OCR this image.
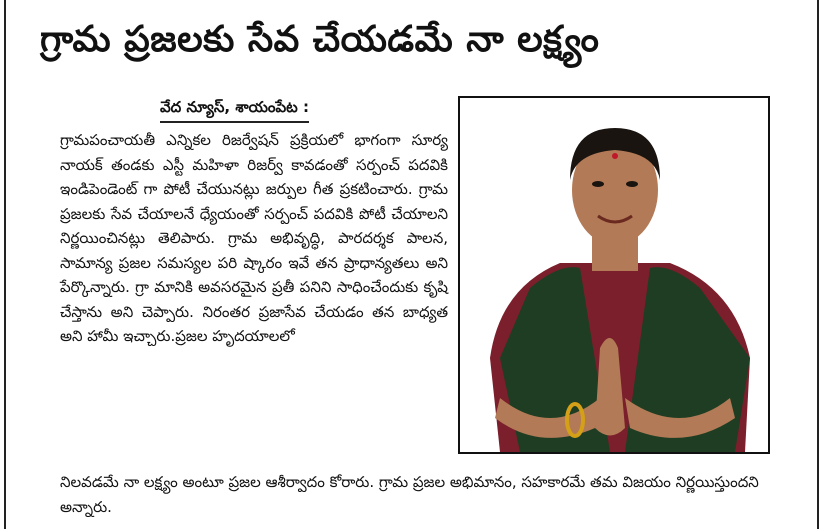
గ్రామ ప్రజలకు సేవ చేయడమే నా లక్ష్యం
వేద న్యూస్, శాయంపేట :
గ్రామపంచాయతీ ఎన్నికల రిజర్వేషన్ ప్రక్రియలో భాగంగా సూర్య నాయక్ తండకు ఎస్టీ మహిళా రిజర్వ్ కావడంతో సర్పంచ్ పదవికి ఇండిపెండెంట్ గా పోటీ చేయునట్లు జర్పుల గీత ప్రకటించారు. గ్రామ ప్రజలకు సేవ చేయాలనే ధ్యేయంతో సర్పంచ్ పదవికి పోటీ చేయాలని నిర్ణయించినట్లు తెలిపారు. గ్రామ అభివృద్ధి, పారదర్శక పాలన, సామాన్య ప్రజల సమస్యల పరి ష్కారం ఇవే తన ప్రాధాన్యతలు అని పేర్కొన్నారు. గ్రా మానికి అవసరమైన ప్రతీ పనిని సాధించేందుకు కృషి చేస్తాను అని చెప్పారు. నిరంతర ప్రజాసేవ చేయడం తన బాధ్యత అని హామీ ఇచ్చారు.ప్రజల హృదయాలలో
నిలవడమే నా లక్ష్యం అంటూ ప్రజల ఆశీర్వాదం కోరారు. గ్రామ ప్రజల అభిమానం, సహకారమే తమ విజయం నిర్ణయిస్తుందని అన్నారు.
